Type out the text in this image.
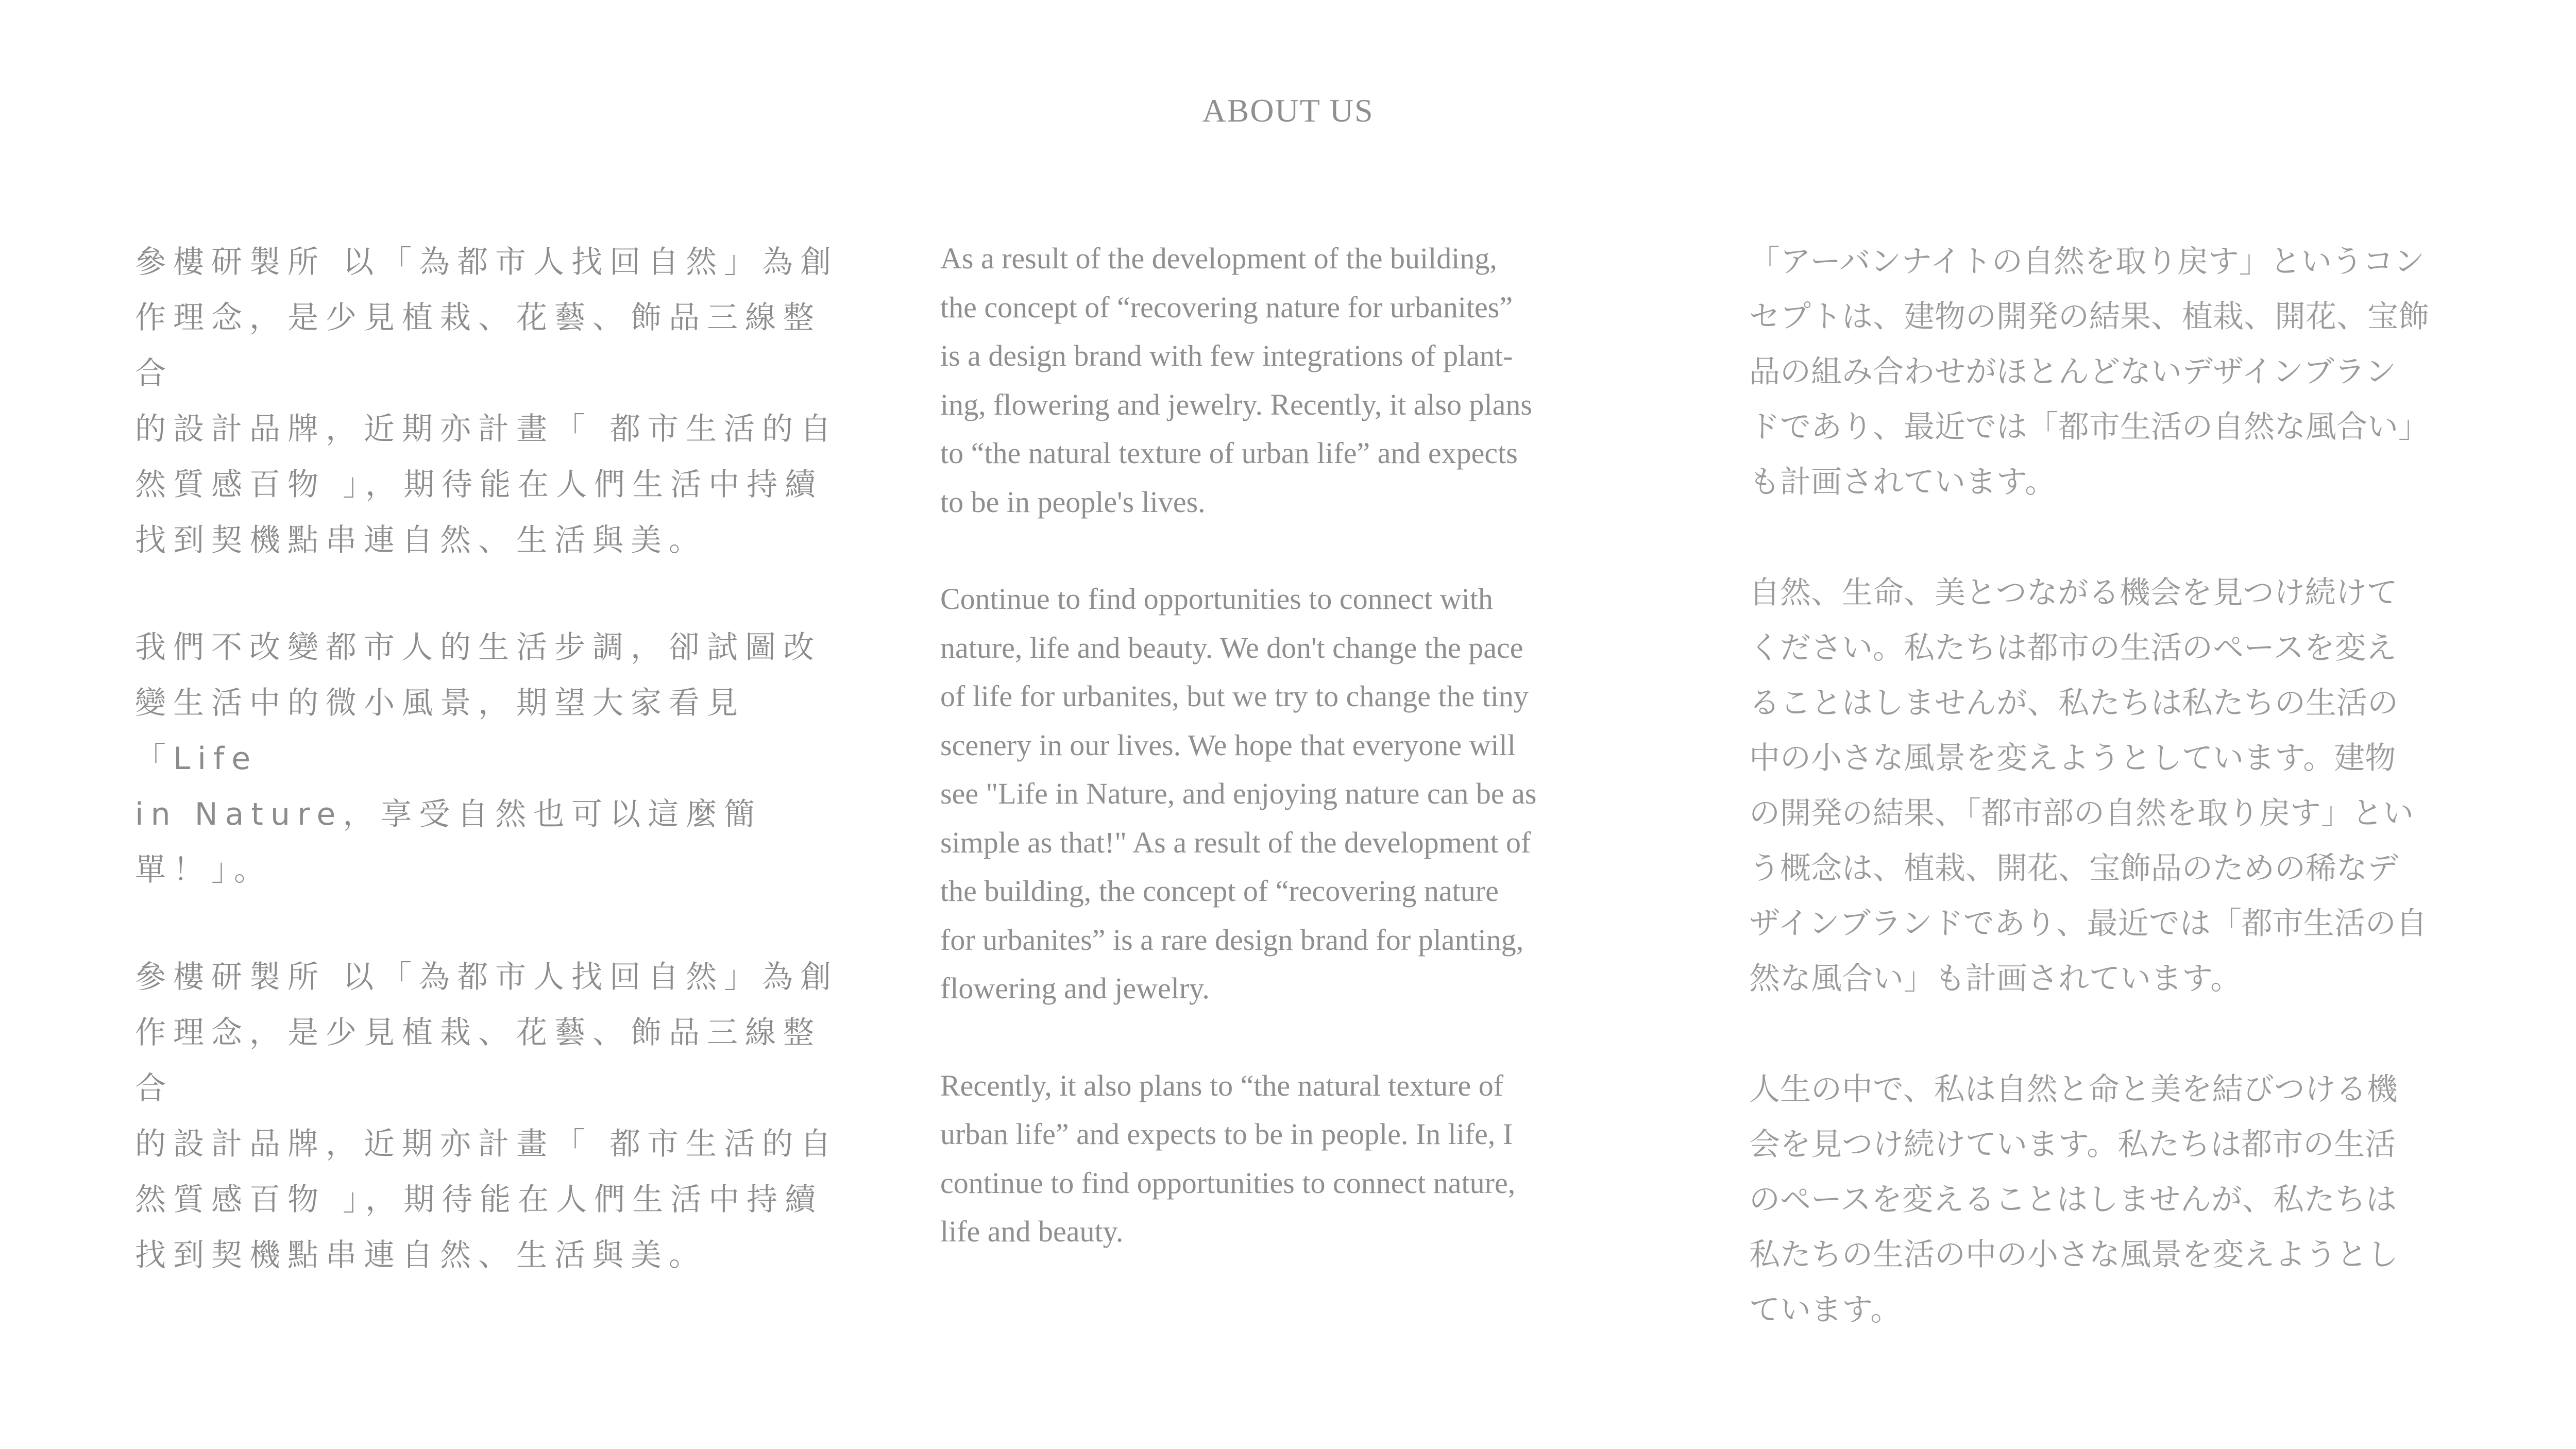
ABOUT US

參樓研製所 以「為都市人找回自然」為創
作理念，是少見植栽、花藝、飾品三線整合
的設計品牌，近期亦計畫「 都市生活的自
然質感百物 」，期待能在人們生活中持續
找到契機點串連自然、生活與美。

我們不改變都市人的生活步調，卻試圖改
變生活中的微小風景，期望大家看見「Life
in Nature，享受自然也可以這麼簡單！」。

參樓研製所 以「為都市人找回自然」為創
作理念，是少見植栽、花藝、飾品三線整合
的設計品牌，近期亦計畫「 都市生活的自
然質感百物 」，期待能在人們生活中持續
找到契機點串連自然、生活與美。

As a result of the development of the building,
the concept of “recovering nature for urbanites”
is a design brand with few integrations of plant-
ing, flowering and jewelry. Recently, it also plans
to “the natural texture of urban life” and expects
to be in people's lives.

Continue to find opportunities to connect with
nature, life and beauty. We don't change the pace
of life for urbanites, but we try to change the tiny
scenery in our lives. We hope that everyone will
see "Life in Nature, and enjoying nature can be as
simple as that!" As a result of the development of
the building, the concept of “recovering nature
for urbanites” is a rare design brand for planting,
flowering and jewelry.

Recently, it also plans to “the natural texture of
urban life” and expects to be in people. In life, I
continue to find opportunities to connect nature,
life and beauty.

「アーバンナイトの自然を取り戻す」というコン
セプトは、建物の開発の結果、植栽、開花、宝飾
品の組み合わせがほとんどないデザインブラン
ドであり、最近では「都市生活の自然な風合い」
も計画されています。

自然、生命、美とつながる機会を見つけ続けて
ください。私たちは都市の生活のペースを変え
ることはしませんが、私たちは私たちの生活の
中の小さな風景を変えようとしています。建物
の開発の結果、「都市部の自然を取り戻す」とい
う概念は、植栽、開花、宝飾品のための稀なデ
ザインブランドであり、最近では「都市生活の自
然な風合い」も計画されています。

人生の中で、私は自然と命と美を結びつける機
会を見つけ続けています。私たちは都市の生活
のペースを変えることはしませんが、私たちは
私たちの生活の中の小さな風景を変えようとし
ています。
